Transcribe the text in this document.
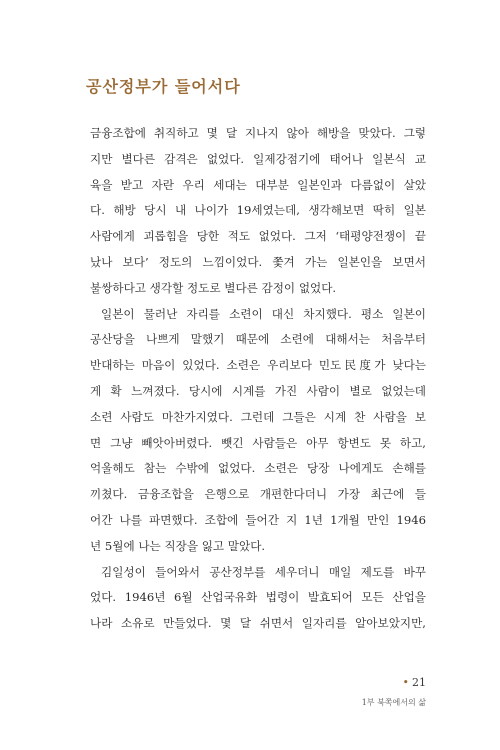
공산정부가 들어서다
금융조합에 취직하고 몇 달 지나지 않아 해방을 맞았다. 그렇
지만 별다른 감격은 없었다. 일제강점기에 태어나 일본식 교
육을 받고 자란 우리 세대는 대부분 일본인과 다름없이 살았
다. 해방 당시 내 나이가 19세였는데, 생각해보면 딱히 일본
사람에게 괴롭힘을 당한 적도 없었다. 그저 ‘태평양전쟁이 끝
났나 보다’ 정도의 느낌이었다. 쫓겨 가는 일본인을 보면서
불쌍하다고 생각할 정도로 별다른 감정이 없었다.
일본이 물러난 자리를 소련이 대신 차지했다. 평소 일본이
공산당을 나쁘게 말했기 때문에 소련에 대해서는 처음부터
반대하는 마음이 있었다. 소련은 우리보다 민도民度가 낮다는
게 확 느껴졌다. 당시에 시계를 가진 사람이 별로 없었는데
소련 사람도 마찬가지였다. 그런데 그들은 시계 찬 사람을 보
면 그냥 빼앗아버렸다. 뺏긴 사람들은 아무 항변도 못 하고,
억울해도 참는 수밖에 없었다. 소련은 당장 나에게도 손해를
끼쳤다. 금융조합을 은행으로 개편한다더니 가장 최근에 들
어간 나를 파면했다. 조합에 들어간 지 1년 1개월 만인 1946
년 5월에 나는 직장을 잃고 말았다.
김일성이 들어와서 공산정부를 세우더니 매일 제도를 바꾸
었다. 1946년 6월 산업국유화 법령이 발효되어 모든 산업을
나라 소유로 만들었다. 몇 달 쉬면서 일자리를 알아보았지만,
• 21
1부 북쪽에서의 삶
